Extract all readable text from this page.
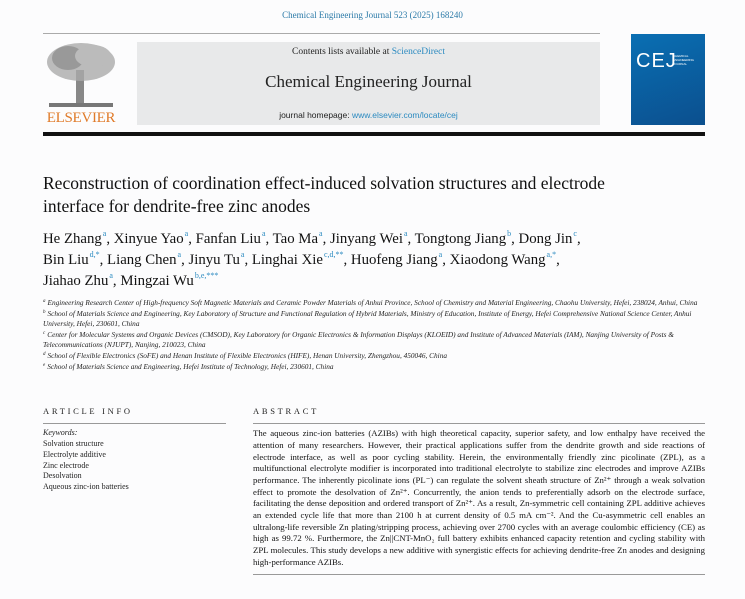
Chemical Engineering Journal 523 (2025) 168240
ELSEVIER
Contents lists available at ScienceDirect
Chemical Engineering Journal
journal homepage: www.elsevier.com/locate/cej
CEJ
CHEMICAL ENGINEERING JOURNAL
Reconstruction of coordination effect-induced solvation structures and electrode interface for dendrite-free zinc anodes
He Zhang$^a$, Xinyue Yao$^a$, Fanfan Liu$^a$, Tao Ma$^a$, Jinyang Wei$^a$, Tongtong Jiang$^b$, Dong Jin$^c$,
Bin Liu$^{d,*}$, Liang Chen$^a$, Jinyu Tu$^a$, Linghai Xie$^{c,d,**}$, Huofeng Jiang$^a$, Xiaodong Wang$^{a,*}$,
Jiahao Zhu$^a$, Mingzai $Wu^{b,e,***}$
$^a$ Engineering Research Center of High-frequency Soft Magnetic Materials and Ceramic Powder Materials of Anhui Province, School of Chemistry and Material Engineering, Chaohu University, Hefei, 238024, Anhui, China
$^b$ School of Materials Science and Engineering, Key Laboratory of Structure and Functional Regulation of Hybrid Materials, Ministry of Education, Institute of Energy, Hefei Comprehensive National Science Center, Anhui University, Hefei, 230601, China
$^c$ Center for Molecular Systems and Organic Devices (CMSOD), Key Laboratory for Organic Electronics & Information Displays (KLOEID) and Institute of Advanced Materials (IAM), Nanjing University of Posts & Telecommunications (NJUPT), Nanjing, 210023, China
$^d$ School of Flexible Electronics (SoFE) and Henan Institute of Flexible Electronics (HIFE), Henan University, Zhengzhou, 450046, China
$^e$ School of Materials Science and Engineering, Hefei Institute of Technology, Hefei, 230601, China
ARTICLE INFO
Keywords:
Solvation structure
Electrolyte additive
Zinc electrode
Desolvation
Aqueous zinc-ion batteries
ABSTRACT
The aqueous zinc-ion batteries (AZIBs) with high theoretical capacity, superior safety, and low enthalpy have received the attention of many researchers. However, their practical applications suffer from the dendrite growth and side reactions of electrode interface, as well as poor cycling stability. Herein, the environmentally friendly zinc picolinate (ZPL), as a multifunctional electrolyte modifier is incorporated into traditional electrolyte to stabilize zinc electrodes and improve AZIBs performance. The inherently picolinate ions (PL⁻) can regulate the solvent sheath structure of Zn²⁺ through a weak solvation effect to promote the desolvation of Zn²⁺. Concurrently, the anion tends to preferentially adsorb on the electrode surface, facilitating the dense deposition and ordered transport of Zn²⁺. As a result, Zn-symmetric cell containing ZPL additive achieves an extended cycle life that more than 2100 h at current density of 0.5 mA cm⁻². And the Cu-asymmetric cell enables an ultralong-life reversible Zn plating/stripping process, achieving over 2700 cycles with an average coulombic efficiency (CE) as high as 99.72 %. Furthermore, the Zn||CNT-MnO₂ full battery exhibits enhanced capacity retention and cycling stability with ZPL molecules. This study develops a new additive with synergistic effects for achieving dendrite-free Zn anodes and designing high-performance AZIBs.
